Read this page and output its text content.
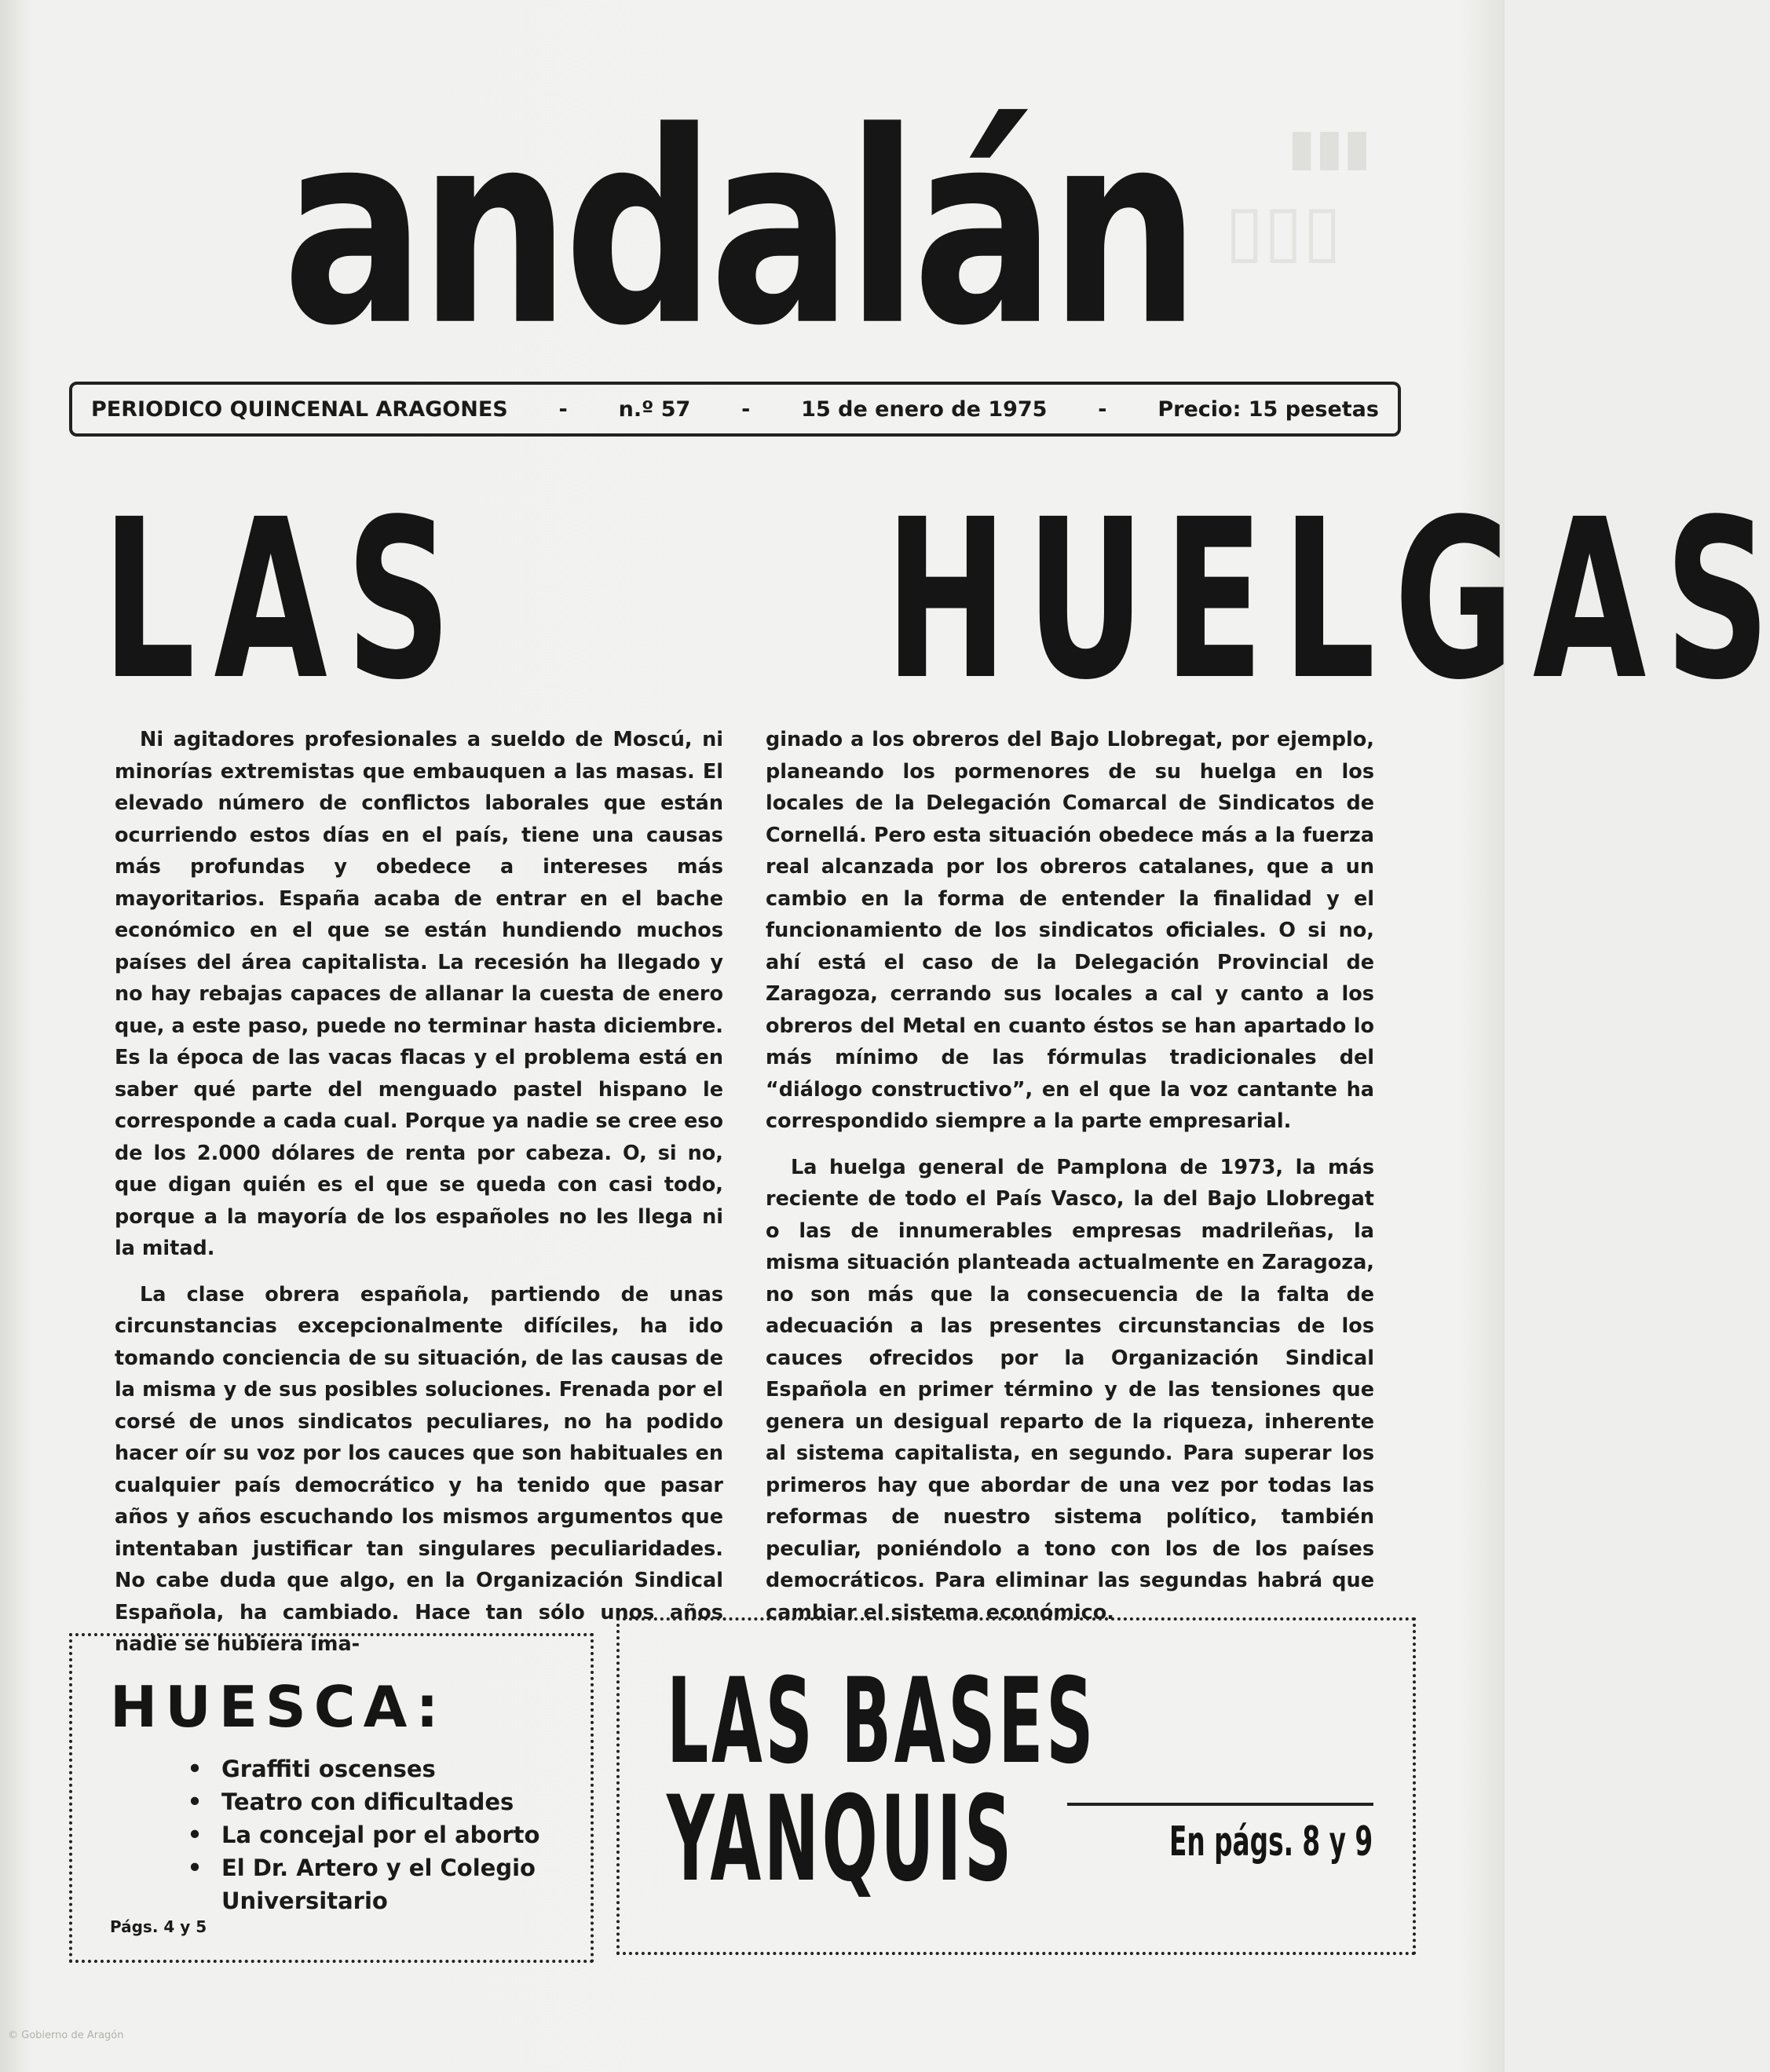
▮▮▮
▯▯▯
andalán
PERIODICO QUINCENAL ARAGONES - n.º 57 - 15 de enero de 1975 - Precio: 15 pesetas
L A S H U E L G A S

Ni agitadores profesionales a sueldo de Moscú, ni minorías extremistas que embauquen a las masas. El elevado número de conflictos laborales que están ocurriendo estos días en el país, tiene una causas más profundas y obedece a intereses más mayoritarios. España acaba de entrar en el bache económico en el que se están hundiendo muchos países del área capitalista. La recesión ha llegado y no hay rebajas capaces de allanar la cuesta de enero que, a este paso, puede no terminar hasta diciembre. Es la época de las vacas flacas y el problema está en saber qué parte del menguado pastel hispano le corresponde a cada cual. Porque ya nadie se cree eso de los 2.000 dólares de renta por cabeza. O, si no, que digan quién es el que se queda con casi todo, porque a la mayoría de los españoles no les llega ni la mitad.

La clase obrera española, partiendo de unas circunstancias excepcionalmente difíciles, ha ido tomando conciencia de su situación, de las causas de la misma y de sus posibles soluciones. Frenada por el corsé de unos sindicatos peculiares, no ha podido hacer oír su voz por los cauces que son habituales en cualquier país democrático y ha tenido que pasar años y años escuchando los mismos argumentos que intentaban justificar tan singulares peculiaridades. No cabe duda que algo, en la Organización Sindical Española, ha cambiado. Hace tan sólo unos años nadie se hubiera ima-

ginado a los obreros del Bajo Llobregat, por ejemplo, planeando los pormenores de su huelga en los locales de la Delegación Comarcal de Sindicatos de Cornellá. Pero esta situación obedece más a la fuerza real alcanzada por los obreros catalanes, que a un cambio en la forma de entender la finalidad y el funcionamiento de los sindicatos oficiales. O si no, ahí está el caso de la Delegación Provincial de Zaragoza, cerrando sus locales a cal y canto a los obreros del Metal en cuanto éstos se han apartado lo más mínimo de las fórmulas tradicionales del “diálogo constructivo”, en el que la voz cantante ha correspondido siempre a la parte empresarial.

La huelga general de Pamplona de 1973, la más reciente de todo el País Vasco, la del Bajo Llobregat o las de innumerables empresas madrileñas, la misma situación planteada actualmente en Zaragoza, no son más que la consecuencia de la falta de adecuación a las presentes circunstancias de los cauces ofrecidos por la Organización Sindical Española en primer término y de las tensiones que genera un desigual reparto de la riqueza, inherente al sistema capitalista, en segundo. Para superar los primeros hay que abordar de una vez por todas las reformas de nuestro sistema político, también peculiar, poniéndolo a tono con los de los países democráticos. Para eliminar las segundas habrá que cambiar el sistema económico.

HUESCA:
• Graffiti oscenses
• Teatro con dificultades
• La concejal por el aborto
• El Dr. Artero y el Colegio
Universitario
Págs. 4 y 5
LAS BASES
YANQUIS	En págs. 8 y 9
© Gobierno de Aragón
